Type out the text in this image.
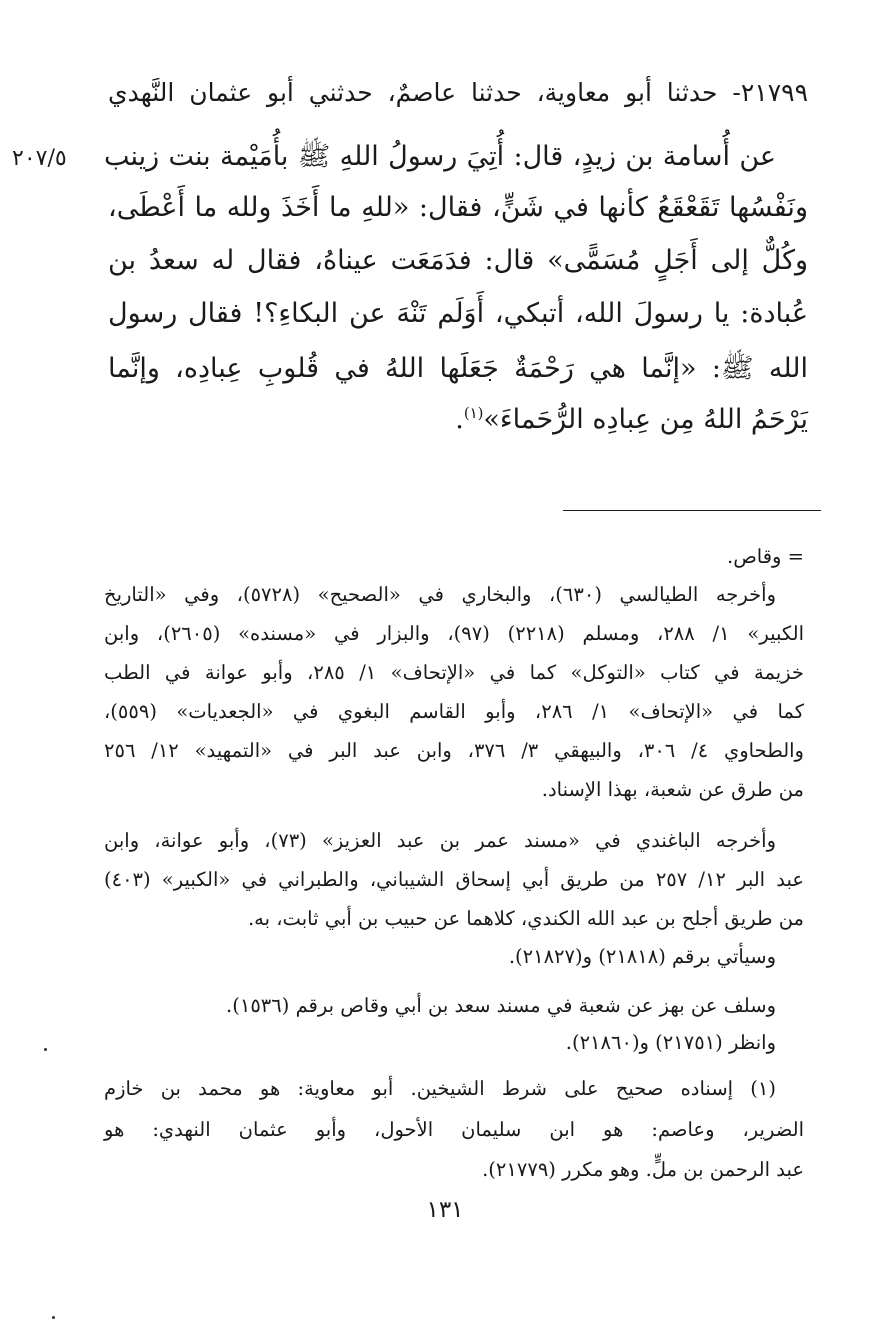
٢٠٧/٥
٢١٧٩٩- حدثنا أبو معاوية، حدثنا عاصمٌ، حدثني أبو عثمان النَّهدي
عن أُسامة بن زيدٍ، قال: أُتِيَ رسولُ اللهِ ﷺ بأُمَيْمة بنت زينب
ونَفْسُها تَقَعْقَعُ كأنها في شَنٍّ، فقال: «للهِ ما أَخَذَ ولله ما أَعْطَى،
وكُلٌّ إلى أَجَلٍ مُسَمًّى» قال: فدَمَعَت عيناهُ، فقال له سعدُ بن
عُبادة: يا رسولَ الله، أتبكي، أَوَلَم تَنْهَ عن البكاءِ؟! فقال رسول
الله ﷺ: «إنَّما هي رَحْمَةٌ جَعَلَها اللهُ في قُلوبِ عِبادِه، وإنَّما
يَرْحَمُ اللهُ مِن عِبادِه الرُّحَماءَ»$^{(١)}$.
= وقاص.
وأخرجه الطيالسي (٦٣٠)، والبخاري في «الصحيح» (٥٧٢٨)، وفي «التاريخ
الكبير» ١/ ٢٨٨، ومسلم (٢٢١٨) (٩٧)، والبزار في «مسنده» (٢٦٠٥)، وابن
خزيمة في كتاب «التوكل» كما في «الإتحاف» ١/ ٢٨٥، وأبو عوانة في الطب
كما في «الإتحاف» ١/ ٢٨٦، وأبو القاسم البغوي في «الجعديات» (٥٥٩)،
والطحاوي ٤/ ٣٠٦، والبيهقي ٣/ ٣٧٦، وابن عبد البر في «التمهيد» ١٢/ ٢٥٦
من طرق عن شعبة، بهذا الإسناد.
وأخرجه الباغندي في «مسند عمر بن عبد العزيز» (٧٣)، وأبو عوانة، وابن
عبد البر ١٢/ ٢٥٧ من طريق أبي إسحاق الشيباني، والطبراني في «الكبير» (٤٠٣)
من طريق أجلح بن عبد الله الكندي، كلاهما عن حبيب بن أبي ثابت، به.
وسيأتي برقم (٢١٨١٨) و(٢١٨٢٧).
وسلف عن بهز عن شعبة في مسند سعد بن أبي وقاص برقم (١٥٣٦).
وانظر (٢١٧٥١) و(٢١٨٦٠).
(١) إسناده صحيح على شرط الشيخين. أبو معاوية: هو محمد بن خازم
الضرير، وعاصم: هو ابن سليمان الأحول، وأبو عثمان النهدي: هو
عبد الرحمن بن ملٍّ. وهو مكرر (٢١٧٧٩).
١٣١
